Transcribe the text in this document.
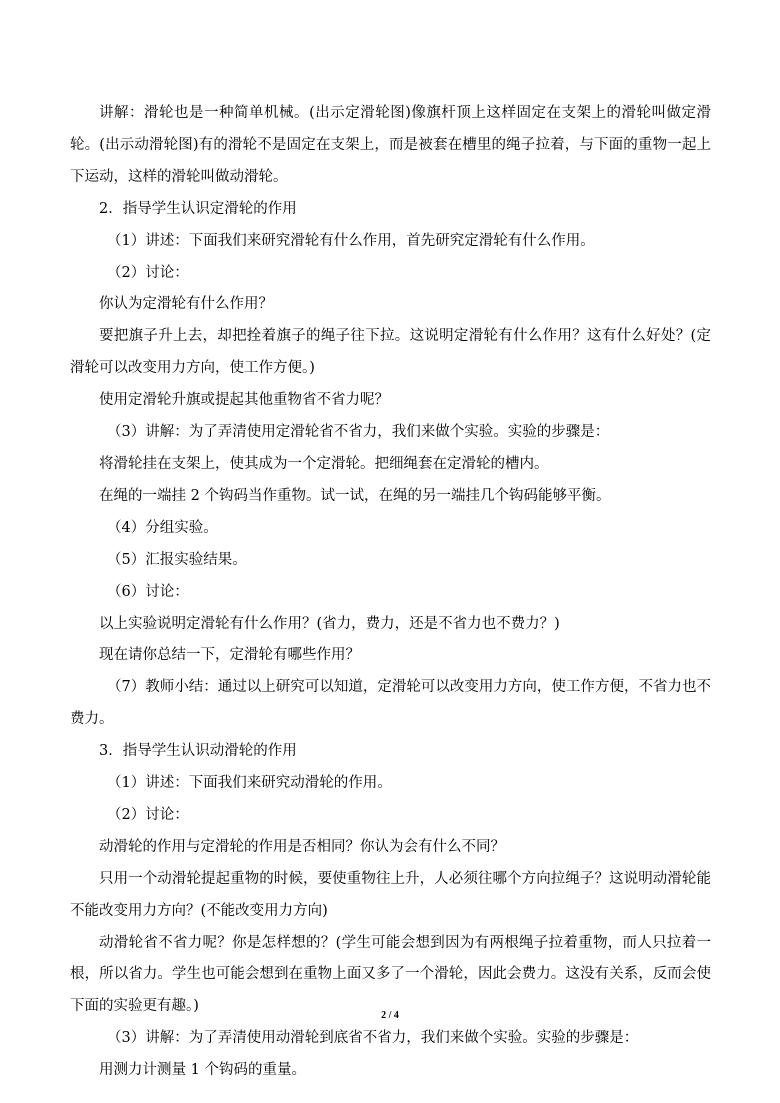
讲解：滑轮也是一种简单机械。(出示定滑轮图)像旗杆顶上这样固定在支架上的滑轮叫做定滑轮。(出示动滑轮图)有的滑轮不是固定在支架上，而是被套在槽里的绳子拉着，与下面的重物一起上下运动，这样的滑轮叫做动滑轮。

2．指导学生认识定滑轮的作用

（1）讲述：下面我们来研究滑轮有什么作用，首先研究定滑轮有什么作用。

（2）讨论：

你认为定滑轮有什么作用？

要把旗子升上去，却把拴着旗子的绳子往下拉。这说明定滑轮有什么作用？这有什么好处？(定滑轮可以改变用力方向，使工作方便。)

使用定滑轮升旗或提起其他重物省不省力呢？

（3）讲解：为了弄清使用定滑轮省不省力，我们来做个实验。实验的步骤是：

将滑轮挂在支架上，使其成为一个定滑轮。把细绳套在定滑轮的槽内。

在绳的一端挂 2 个钩码当作重物。试一试，在绳的另一端挂几个钩码能够平衡。

（4）分组实验。

（5）汇报实验结果。

（6）讨论：

以上实验说明定滑轮有什么作用？(省力，费力，还是不省力也不费力？)

现在请你总结一下，定滑轮有哪些作用？

（7）教师小结：通过以上研究可以知道，定滑轮可以改变用力方向，使工作方便，不省力也不费力。

3．指导学生认识动滑轮的作用

（1）讲述：下面我们来研究动滑轮的作用。

（2）讨论：

动滑轮的作用与定滑轮的作用是否相同？你认为会有什么不同？

只用一个动滑轮提起重物的时候，要使重物往上升，人必须往哪个方向拉绳子？这说明动滑轮能不能改变用力方向？(不能改变用力方向)

动滑轮省不省力呢？你是怎样想的？(学生可能会想到因为有两根绳子拉着重物，而人只拉着一根，所以省力。学生也可能会想到在重物上面又多了一个滑轮，因此会费力。这没有关系，反而会使下面的实验更有趣。)

（3）讲解：为了弄清使用动滑轮到底省不省力，我们来做个实验。实验的步骤是：

用测力计测量 1 个钩码的重量。

2 / 4
